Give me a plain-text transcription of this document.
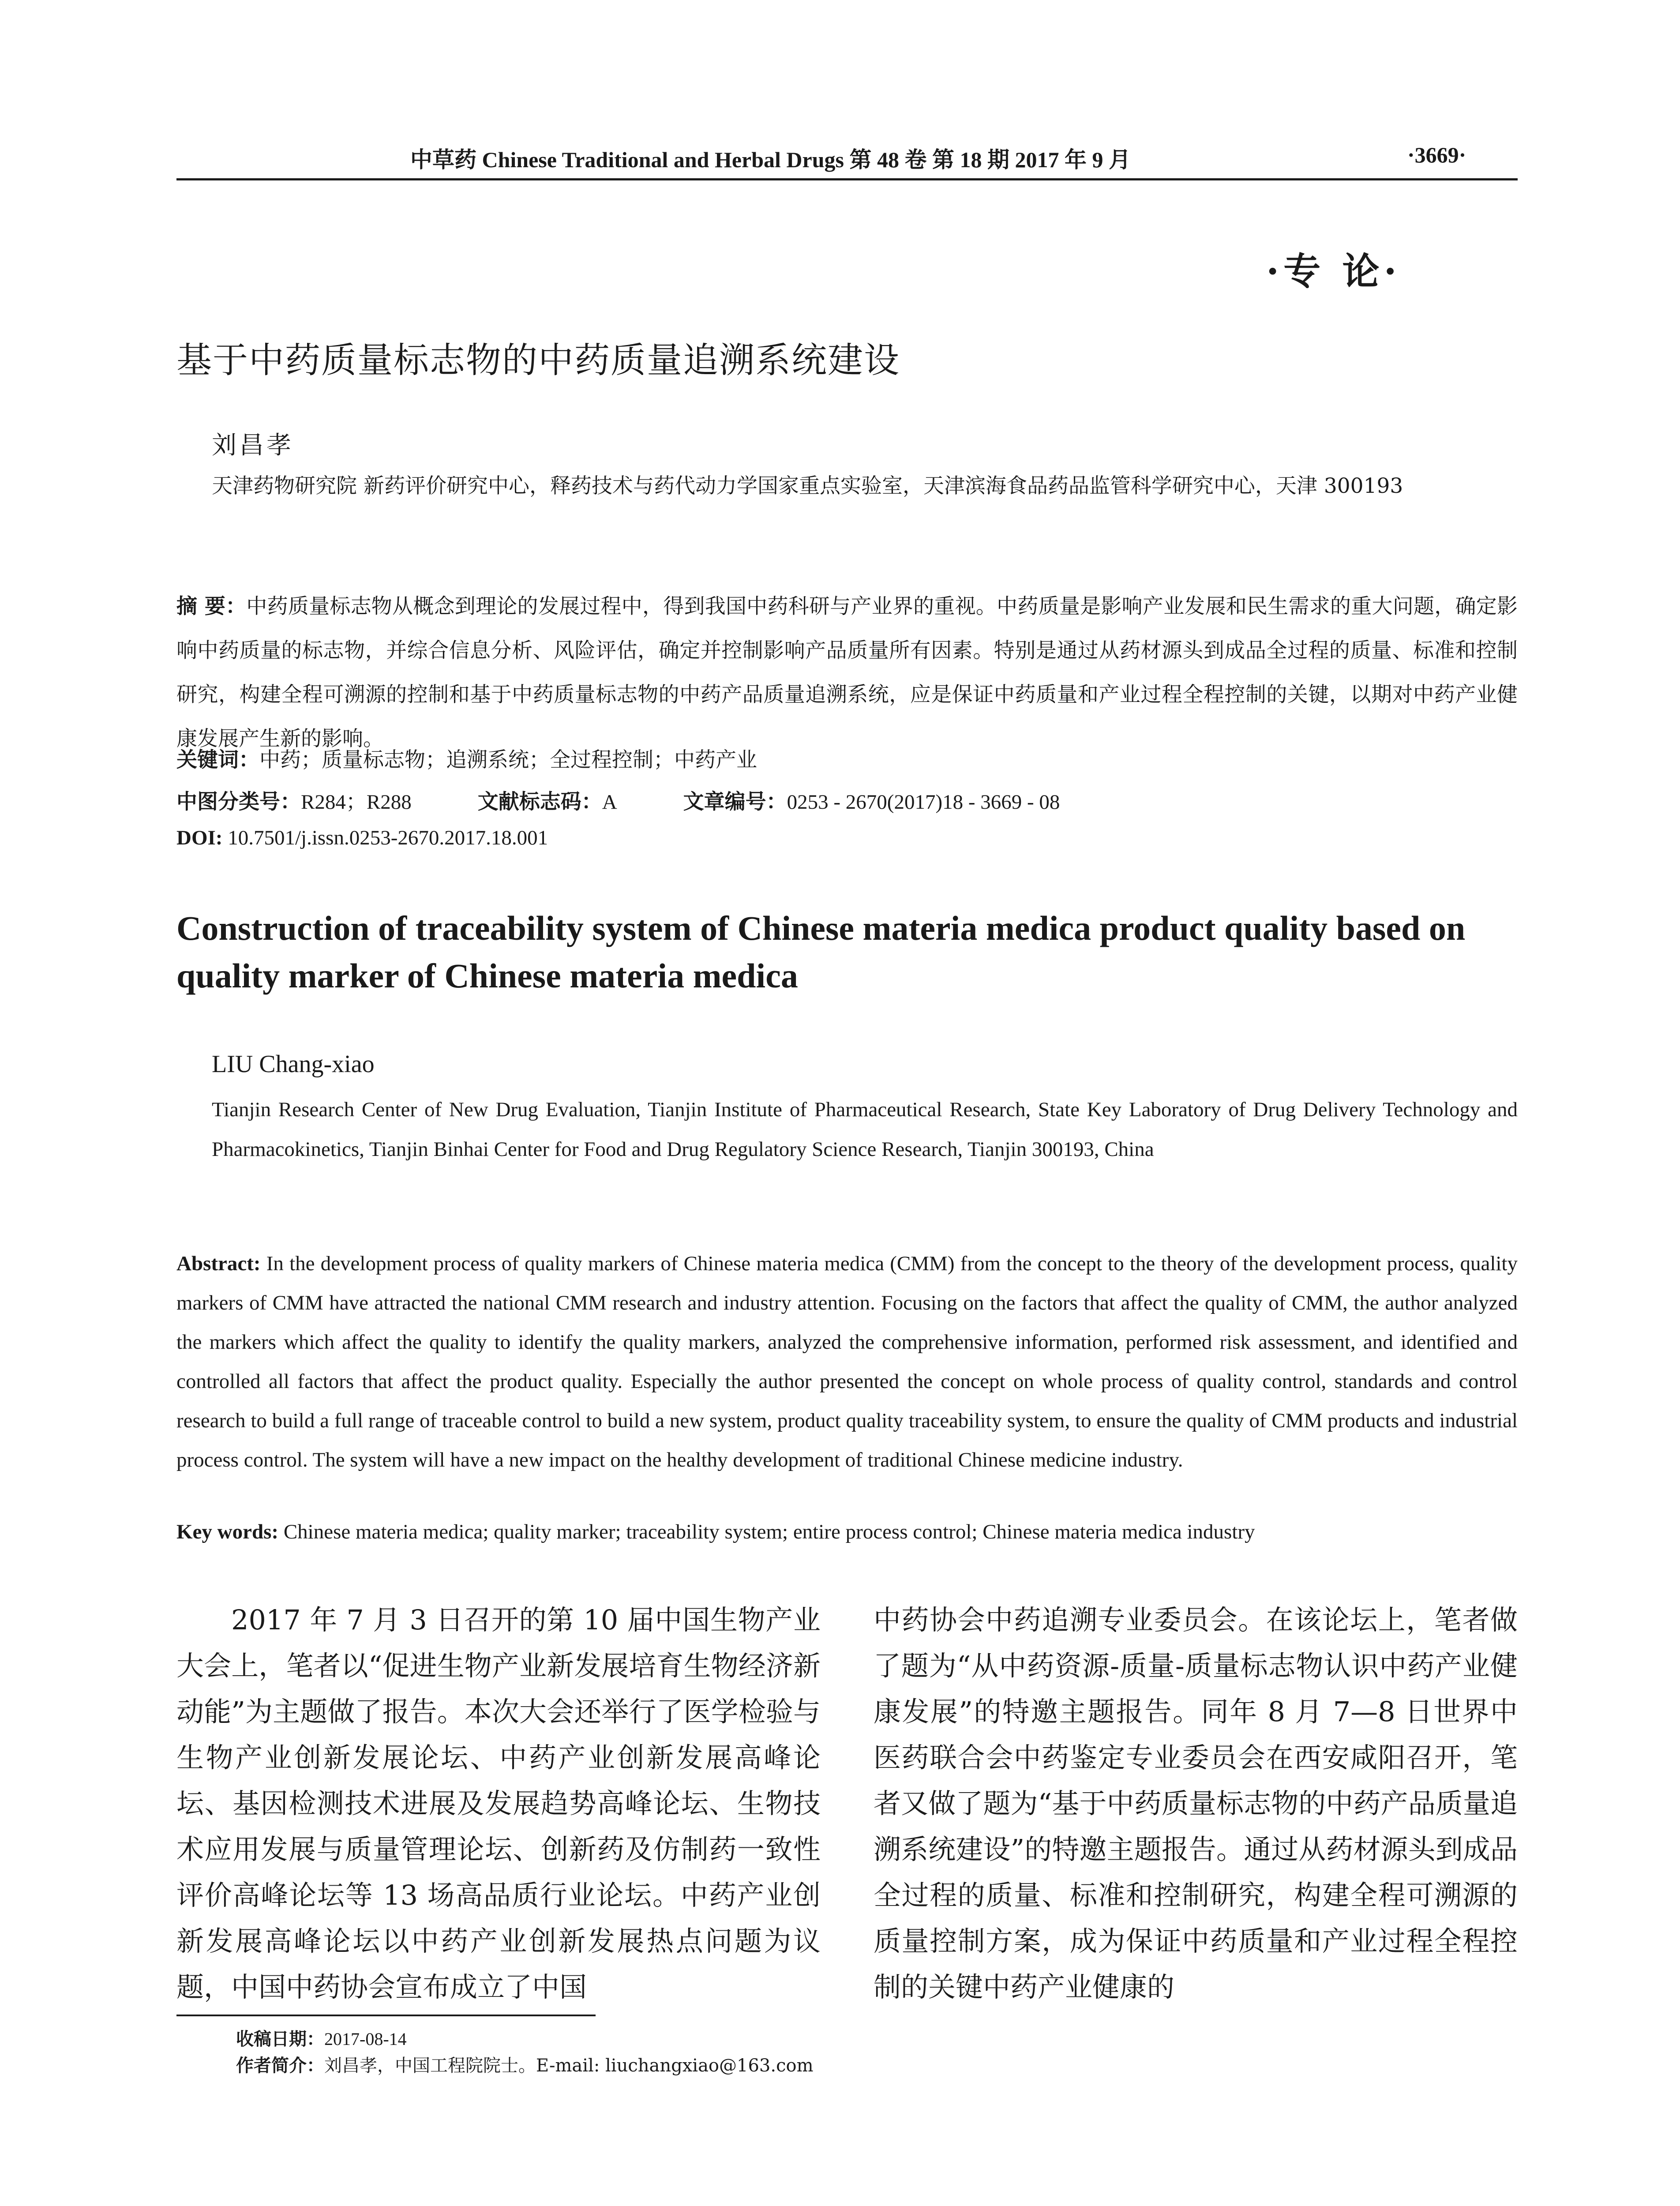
中草药 Chinese Traditional and Herbal Drugs 第 48 卷 第 18 期 2017 年 9 月	·3669·
·专 论·
基于中药质量标志物的中药质量追溯系统建设
刘昌孝
天津药物研究院 新药评价研究中心，释药技术与药代动力学国家重点实验室，天津滨海食品药品监管科学研究中心，天津 300193
摘 要：中药质量标志物从概念到理论的发展过程中，得到我国中药科研与产业界的重视。中药质量是影响产业发展和民生需求的重大问题，确定影响中药质量的标志物，并综合信息分析、风险评估，确定并控制影响产品质量所有因素。特别是通过从药材源头到成品全过程的质量、标准和控制研究，构建全程可溯源的控制和基于中药质量标志物的中药产品质量追溯系统，应是保证中药质量和产业过程全程控制的关键，以期对中药产业健康发展产生新的影响。
关键词：中药；质量标志物；追溯系统；全过程控制；中药产业
中图分类号：R284；R288	文献标志码：A	文章编号：0253 - 2670(2017)18 - 3669 - 08
DOI: 10.7501/j.issn.0253-2670.2017.18.001
Construction of traceability system of Chinese materia medica product quality based on quality marker of Chinese materia medica
LIU Chang-xiao
Tianjin Research Center of New Drug Evaluation, Tianjin Institute of Pharmaceutical Research, State Key Laboratory of Drug Delivery Technology and Pharmacokinetics, Tianjin Binhai Center for Food and Drug Regulatory Science Research, Tianjin 300193, China
Abstract: In the development process of quality markers of Chinese materia medica (CMM) from the concept to the theory of the development process, quality markers of CMM have attracted the national CMM research and industry attention. Focusing on the factors that affect the quality of CMM, the author analyzed the markers which affect the quality to identify the quality markers, analyzed the comprehensive information, performed risk assessment, and identified and controlled all factors that affect the product quality. Especially the author presented the concept on whole process of quality control, standards and control research to build a full range of traceable control to build a new system, product quality traceability system, to ensure the quality of CMM products and industrial process control. The system will have a new impact on the healthy development of traditional Chinese medicine industry.
Key words: Chinese materia medica; quality marker; traceability system; entire process control; Chinese materia medica industry
2017 年 7 月 3 日召开的第 10 届中国生物产业大会上，笔者以“促进生物产业新发展培育生物经济新动能”为主题做了报告。本次大会还举行了医学检验与生物产业创新发展论坛、中药产业创新发展高峰论坛、基因检测技术进展及发展趋势高峰论坛、生物技术应用发展与质量管理论坛、创新药及仿制药一致性评价高峰论坛等 13 场高品质行业论坛。中药产业创新发展高峰论坛以中药产业创新发展热点问题为议题，中国中药协会宣布成立了中国
中药协会中药追溯专业委员会。在该论坛上，笔者做了题为“从中药资源-质量-质量标志物认识中药产业健康发展”的特邀主题报告。同年 8 月 7—8 日世界中医药联合会中药鉴定专业委员会在西安咸阳召开，笔者又做了题为“基于中药质量标志物的中药产品质量追溯系统建设”的特邀主题报告。通过从药材源头到成品全过程的质量、标准和控制研究，构建全程可溯源的质量控制方案，成为保证中药质量和产业过程全程控制的关键中药产业健康的
收稿日期：2017-08-14
作者简介：刘昌孝，中国工程院院士。E-mail: liuchangxiao@163.com
